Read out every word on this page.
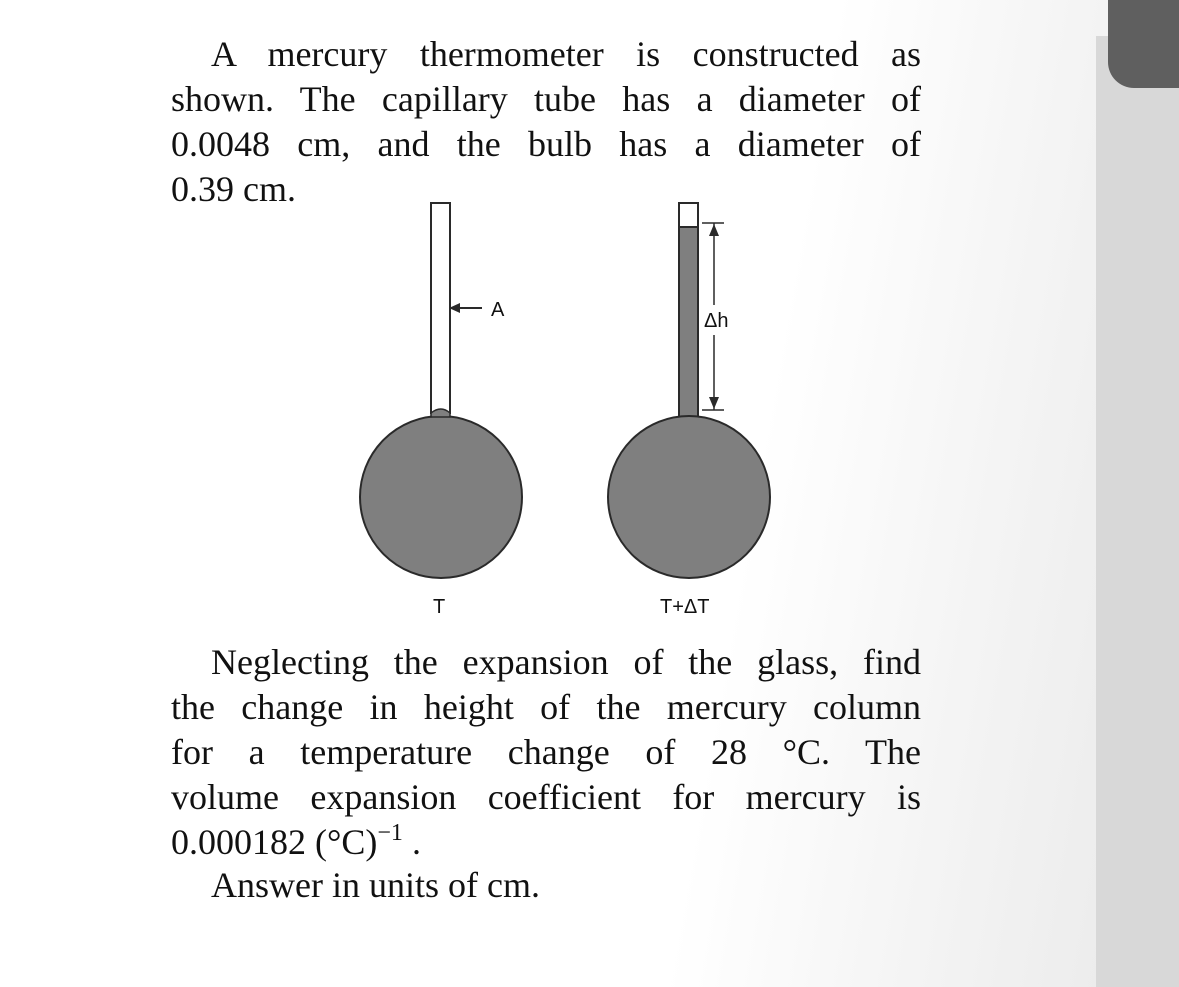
A mercury thermometer is constructed as
shown. The capillary tube has a diameter of
0.0048 cm, and the bulb has a diameter of
0.39 cm.
A
T
Δh
T+ΔT
Neglecting the expansion of the glass, find
the change in height of the mercury column
for a temperature change of 28 °C. The
volume expansion coefficient for mercury is
0.000182 $(^\circ C)^{-1}$ .

Answer in units of cm.
